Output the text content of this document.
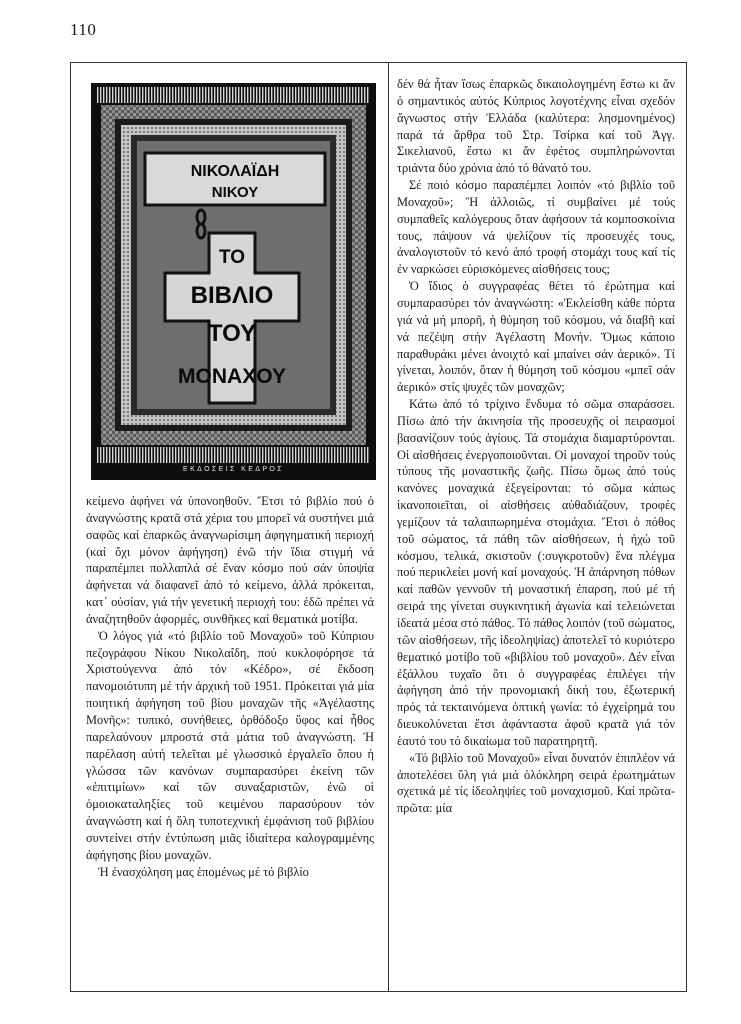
110
ΝΙΚΟΛΑΪΔΗ
ΝΙΚΟΥ
ΤΟ
ΒΙΒΛΙΟ
ΤΟΥ
ΜΟΝΑΧΟΥ
ΕΚΔΟΣΕΙΣ ΚΕΔΡΟΣ

κείμενο ἀφήνει νά ὑπονοηθοῦν. Ἔτσι τό βιβλίο πού ὁ ἀναγνώστης κρατᾶ στά χέρια του μπορεῖ νά συστήνει μιά σαφῶς καί ἐπαρκῶς ἀναγνωρίσιμη ἀφηγηματική περιοχή (καί ὄχι μόνον ἀφήγηση) ἐνῶ τήν ἴδια στιγμή νά παραπέμπει πολλαπλά σέ ἕναν κόσμο πού σάν ὑποψία ἀφήνεται νά διαφανεῖ ἀπό τό κείμενο, ἀλλά πρόκειται, κατ᾽ οὐσίαν, γιά τήν γενετική περιοχή του: ἐδῶ πρέπει νά ἀναζητηθοῦν ἀφορμές, συνθῆκες καί θεματικά μοτίβα.

Ὁ λόγος γιά «τό βιβλίο τοῦ Μοναχοῦ» τοῦ Κύπριου πεζογράφου Νίκου Νικολαΐδη, πού κυκλοφόρησε τά Χριστούγεννα ἀπό τόν «Κέδρο», σέ ἔκδοση πανομοιότυπη μέ τήν ἀρχική τοῦ 1951. Πρόκειται γιά μία ποιητική ἀφήγηση τοῦ βίου μοναχῶν τῆς «Ἀγέλαστης Μονῆς»: τυπικό, συνήθειες, ὀρθόδοξο ὕφος καί ἦθος παρελαύνουν μπροστά στά μάτια τοῦ ἀναγνώστη. Ἡ παρέλαση αὐτή τελεῖται μέ γλωσσικό ἐργαλεῖο ὅπου ἡ γλώσσα τῶν κανόνων συμπαρασύρει ἐκείνη τῶν «ἐπιτιμίων» καί τῶν συναξαριστῶν, ἐνῶ οἱ ὁμοιοκαταληξίες τοῦ κειμένου παρασύρουν τόν ἀναγνώστη καί ἡ ὅλη τυποτεχνική ἐμφάνιση τοῦ βιβλίου συντείνει στήν ἐντύπωση μιᾶς ἰδιαίτερα καλογραμμένης ἀφήγησης βίου μοναχῶν.

Ἡ ἐνασχόληση μας ἑπομένως μέ τό βιβλίο

δέν θά ἦταν ἴσως ἐπαρκῶς δικαιολογημένη ἔστω κι ἄν ὁ σημαντικός αὐτός Κύπριος λογοτέχνης εἶναι σχεδόν ἄγνωστος στήν Ἑλλάδα (καλύτερα: λησμονημένος) παρά τά ἄρθρα τοῦ Στρ. Τσίρκα καί τοῦ Ἀγγ. Σικελιανοῦ, ἔστω κι ἄν ἐφέτος συμπληρώνονται τριάντα δύο χρόνια ἀπό τό θάνατό του.

Σέ ποιό κόσμο παραπέμπει λοιπόν «τό βιβλίο τοῦ Μοναχοῦ»; Ἢ ἀλλοιῶς, τί συμβαίνει μέ τούς συμπαθεῖς καλόγερους ὅταν ἀφήσουν τά κομποσκοίνια τους, πάψουν νά ψελίζουν τίς προσευχές τους, ἀναλογιστοῦν τό κενό ἀπό τροφή στομάχι τους καί τίς ἐν ναρκώσει εὑρισκόμενες αἰσθήσεις τους;

Ὁ ἴδιος ὁ συγγραφέας θέτει τό ἐρώτημα καί συμπαρασύρει τόν ἀναγνώστη: «Ἐκλείσθη κάθε πόρτα γιά νά μή μπορῆ, ἡ θύμηση τοῦ κόσμου, νά διαβῆ καί νά πεζέψη στήν Ἀγέλαστη Μονήν. Ὅμως κάποιο παραθυράκι μένει ἀνοιχτό καί μπαίνει σάν ἀερικό». Τί γίνεται, λοιπόν, ὅταν ἡ θύμηση τοῦ κόσμου «μπεῖ σάν ἀερικό» στίς ψυχές τῶν μοναχῶν;

Κάτω ἀπό τό τρίχινο ἔνδυμα τό σῶμα σπαράσσει. Πίσω ἀπό τήν ἀκινησία τῆς προσευχῆς οἱ πειρασμοί βασανίζουν τούς ἁγίους. Τά στομάχια διαμαρτύρονται. Οἱ αἰσθήσεις ἐνεργοποιοῦνται. Οἱ μοναχοί τηροῦν τούς τύπους τῆς μοναστικῆς ζωῆς. Πίσω ὅμως ἀπό τούς κανόνες μοναχικά ἐξεγείρονται: τό σῶμα κάπως ἱκανοποιεῖται, οἱ αἰσθήσεις αὐθαδιάζουν, τροφές γεμίζουν τά ταλαιπωρημένα στομάχια. Ἔτσι ὁ πόθος τοῦ σώματος, τά πάθη τῶν αἰσθήσεων, ἡ ἠχώ τοῦ κόσμου, τελικά, σκιστοῦν (:συγκροτοῦν) ἕνα πλέγμα πού περικλείει μονή καί μοναχούς. Ἡ ἀπάρνηση πόθων καί παθῶν γεννοῦν τή μοναστική ἐπαρση, πού μέ τή σειρά της γίνεται συγκινητική ἀγωνία καί τελειώνεται ἰδεατά μέσα στό πάθος. Τό πάθος λοιπόν (τοῦ σώματος, τῶν αἰσθήσεων, τῆς ἰδεοληψίας) ἀποτελεῖ τό κυριότερο θεματικό μοτίβο τοῦ «βιβλίου τοῦ μοναχοῦ». Δέν εἶναι ἐξάλλου τυχαῖο ὅτι ὁ συγγραφέας ἐπιλέγει τήν ἀφήγηση ἀπό τήν προνομιακή δική του, ἐξωτερική πρός τά τεκταινόμενα ὀπτική γωνία: τό ἐγχείρημά του διευκολύνεται ἔτσι ἀφάνταστα ἀφοῦ κρατᾶ γιά τόν ἑαυτό του τό δικαίωμα τοῦ παρατηρητῆ.

«Τό βιβλίο τοῦ Μοναχοῦ» εἶναι δυνατόν ἐπιπλέον νά ἀποτελέσει ὕλη γιά μιά ὁλόκληρη σειρά ἐρωτημάτων σχετικά μέ τίς ἰδεοληψίες τοῦ μοναχισμοῦ. Καί πρῶτα-πρῶτα: μία
